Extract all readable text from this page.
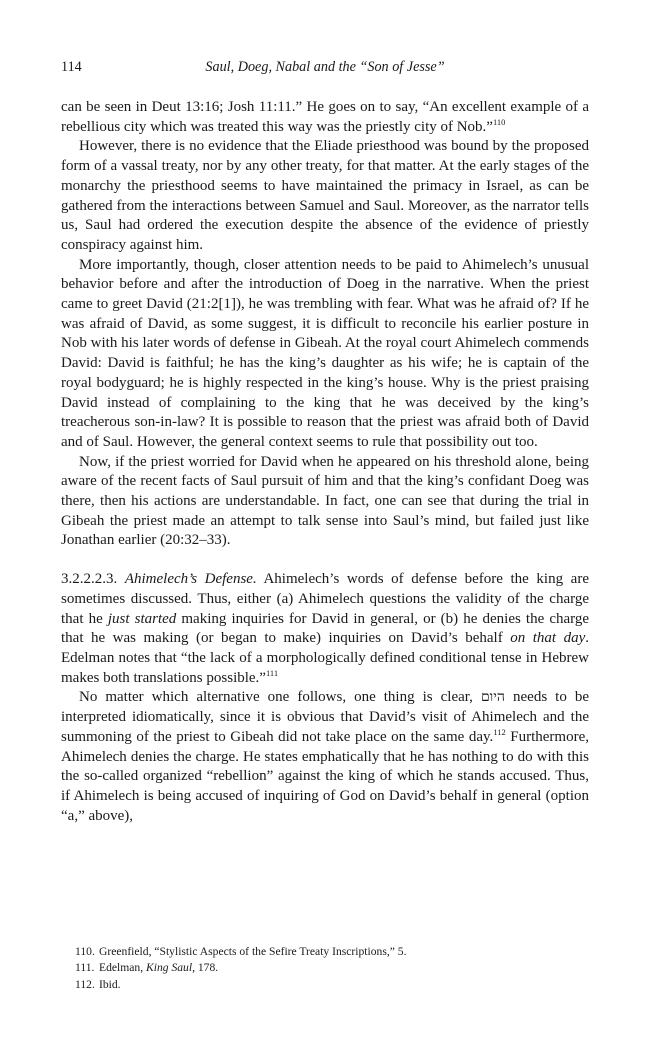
114	Saul, Doeg, Nabal and the “Son of Jesse”

can be seen in Deut 13:16; Josh 11:11.” He goes on to say, “An excellent example of a rebellious city which was treated this way was the priestly city of Nob.”$^{110}$

However, there is no evidence that the Eliade priesthood was bound by the proposed form of a vassal treaty, nor by any other treaty, for that matter. At the early stages of the monarchy the priesthood seems to have maintained the primacy in Israel, as can be gathered from the interactions between Samuel and Saul. Moreover, as the narrator tells us, Saul had ordered the execution despite the absence of the evidence of priestly conspiracy against him.

More importantly, though, closer attention needs to be paid to Ahimelech’s unusual behavior before and after the introduction of Doeg in the narrative. When the priest came to greet David (21:2[1]), he was trembling with fear. What was he afraid of? If he was afraid of David, as some suggest, it is difficult to reconcile his earlier posture in Nob with his later words of defense in Gibeah. At the royal court Ahimelech commends David: David is faithful; he has the king’s daughter as his wife; he is captain of the royal bodyguard; he is highly respected in the king’s house. Why is the priest praising David instead of complaining to the king that he was deceived by the king’s treacherous son-in-law? It is possible to reason that the priest was afraid both of David and of Saul. However, the general context seems to rule that possibility out too.

Now, if the priest worried for David when he appeared on his threshold alone, being aware of the recent facts of Saul pursuit of him and that the king’s confidant Doeg was there, then his actions are understandable. In fact, one can see that during the trial in Gibeah the priest made an attempt to talk sense into Saul’s mind, but failed just like Jonathan earlier (20:32–33).

3.2.2.2.3. Ahimelech’s Defense. Ahimelech’s words of defense before the king are sometimes discussed. Thus, either (a) Ahimelech questions the validity of the charge that he just started making inquiries for David in general, or (b) he denies the charge that he was making (or began to make) inquiries on David’s behalf on that day. Edelman notes that “the lack of a morphologically defined conditional tense in Hebrew makes both translations possible.”$^{111}$

No matter which alternative one follows, one thing is clear, היום needs to be interpreted idiomatically, since it is obvious that David’s visit of Ahimelech and the summoning of the priest to Gibeah did not take place on the same day.$^{112}$ Furthermore, Ahimelech denies the charge. He states emphatically that he has nothing to do with this the so-called organized “rebellion” against the king of which he stands accused. Thus, if Ahimelech is being accused of inquiring of God on David’s behalf in general (option “a,” above),

110. Greenfield, “Stylistic Aspects of the Sefire Treaty Inscriptions,” 5.
111. Edelman, King Saul, 178.
112. Ibid.
